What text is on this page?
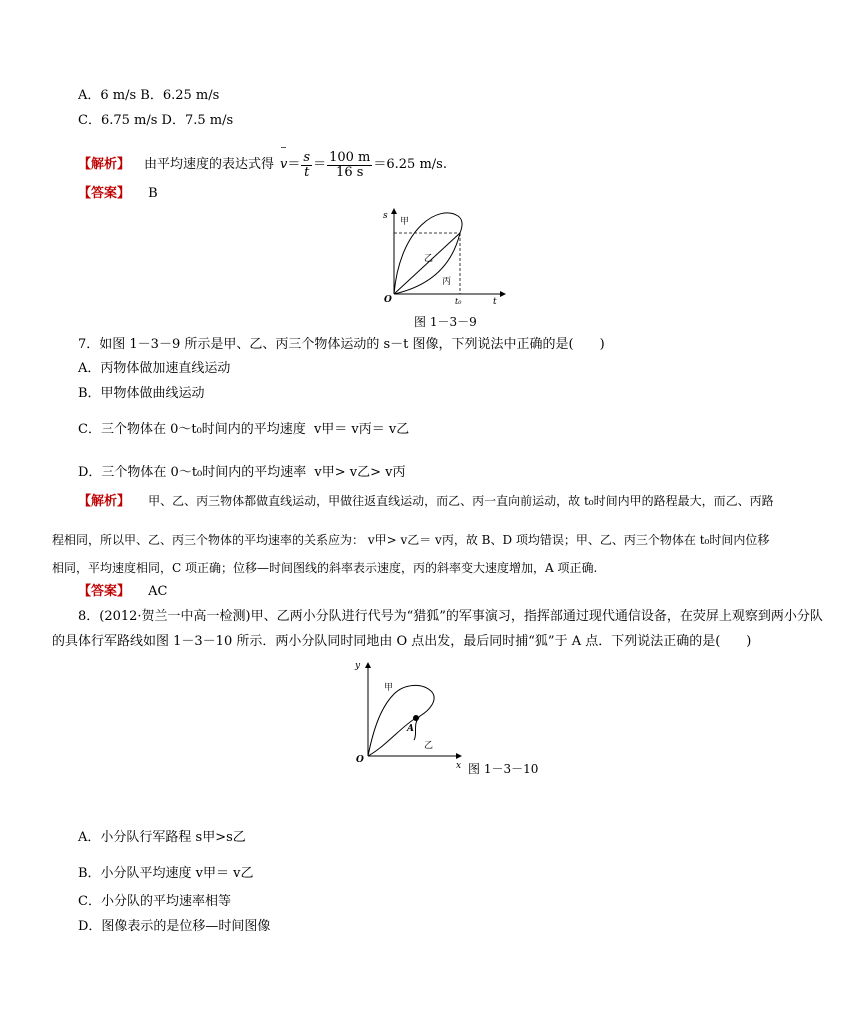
A．6 m/s B．6.25 m/s
C．6.75 m/s D．7.5 m/s
【解析】 由平均速度的表达式得 $v = \frac{s}{t} = \frac{100 m}{16 s} =6.25$ m/s.
【答案】 B
s
甲
乙
丙
O	t₀	t
图 1－3－9
7．如图 1－3－9 所示是甲、乙、丙三个物体运动的 s－t 图像，下列说法中正确的是(　　)
A．丙物体做加速直线运动
B．甲物体做曲线运动
C．三个物体在 0～t₀时间内的平均速度 v甲＝ v丙＝ v乙
D．三个物体在 0～t₀时间内的平均速率 v甲> v乙> v丙
【解析】 甲、乙、丙三物体都做直线运动，甲做往返直线运动，而乙、丙一直向前运动，故 t₀时间内甲的路程最大，而乙、丙路
程相同，所以甲、乙、丙三个物体的平均速率的关系应为： v甲> v乙＝ v丙，故 B、D 项均错误；甲、乙、丙三个物体在 t₀时间内位移
相同，平均速度相同，C 项正确；位移—时间图线的斜率表示速度，丙的斜率变大速度增加，A 项正确.
【答案】 AC
8．(2012·贺兰一中高一检测)甲、乙两小分队进行代号为“猎狐”的军事演习，指挥部通过现代通信设备，在荧屏上观察到两小分队
的具体行军路线如图 1－3－10 所示．两小分队同时同地由 O 点出发，最后同时捕“狐”于 A 点．下列说法正确的是(　　)
y
甲
A
乙
O
x 图 1－3－10
A．小分队行军路程 s甲>s乙
B．小分队平均速度 v甲＝ v乙
C．小分队的平均速率相等
D．图像表示的是位移—时间图像
